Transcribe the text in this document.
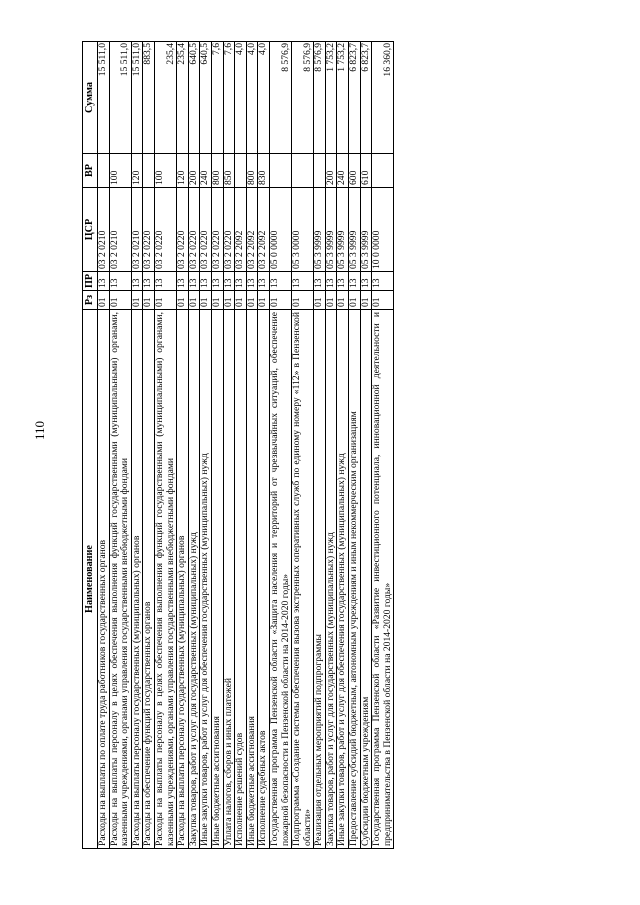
110
Наименование	Рз	ПР	ЦСР	ВР	Сумма
Расходы на выплаты по оплате труда работников государственных органов	01	13	03 2 0210		15 511,0
Расходы на выплаты персоналу в целях обеспечения выполнения функций государственными (муниципальными) органами, казенными учреждениями, органами управления государственными внебюджетными фондами	01	13	03 2 0210	100	15 511,0
Расходы на выплаты персоналу государственных (муниципальных) органов	01	13	03 2 0210	120	15 511,0
Расходы на обеспечение функций государственных органов	01	13	03 2 0220		883,5
Расходы на выплаты персоналу в целях обеспечения выполнения функций государственными (муниципальными) органами, казенными учреждениями, органами управления государственными внебюджетными фондами	01	13	03 2 0220	100	235,4
Расходы на выплаты персоналу государственных (муниципальных) органов	01	13	03 2 0220	120	235,4
Закупка товаров, работ и услуг для государственных (муниципальных) нужд	01	13	03 2 0220	200	640,5
Иные закупки товаров, работ и услуг для обеспечения государственных (муниципальных) нужд	01	13	03 2 0220	240	640,5
Иные бюджетные ассигнования	01	13	03 2 0220	800	7,6
Уплата налогов, сборов и иных платежей	01	13	03 2 0220	850	7,6
Исполнение решений судов	01	13	03 2 2092		4,0
Иные бюджетные ассигнования	01	13	03 2 2092	800	4,0
Исполнение судебных актов	01	13	03 2 2092	830	4,0
Государственная программа Пензенской области «Защита населения и территорий от чрезвычайных ситуаций, обеспечение пожарной безопасности в Пензенской области на 2014-2020 годы»	01	13	05 0 0000		8 576,9
Подпрограмма «Создание системы обеспечения вызова экстренных оперативных служб по единому номеру «112» в Пензенской области»	01	13	05 3 0000		8 576,9
Реализация отдельных мероприятий подпрограммы	01	13	05 3 9999		8 576,9
Закупка товаров, работ и услуг для государственных (муниципальных) нужд	01	13	05 3 9999	200	1 753,2
Иные закупки товаров, работ и услуг для обеспечения государственных (муниципальных) нужд	01	13	05 3 9999	240	1 753,2
Предоставление субсидий бюджетным, автономным учреждениям и иным некоммерческим организациям	01	13	05 3 9999	600	6 823,7
Субсидии бюджетным учреждениям	01	13	05 3 9999	610	6 823,7
Государственная программа Пензенской области «Развитие инвестиционного потенциала, инновационной деятельности и предпринимательства в Пензенской области на 2014-2020 годы»	01	13	10 0 0000		16 360,0
